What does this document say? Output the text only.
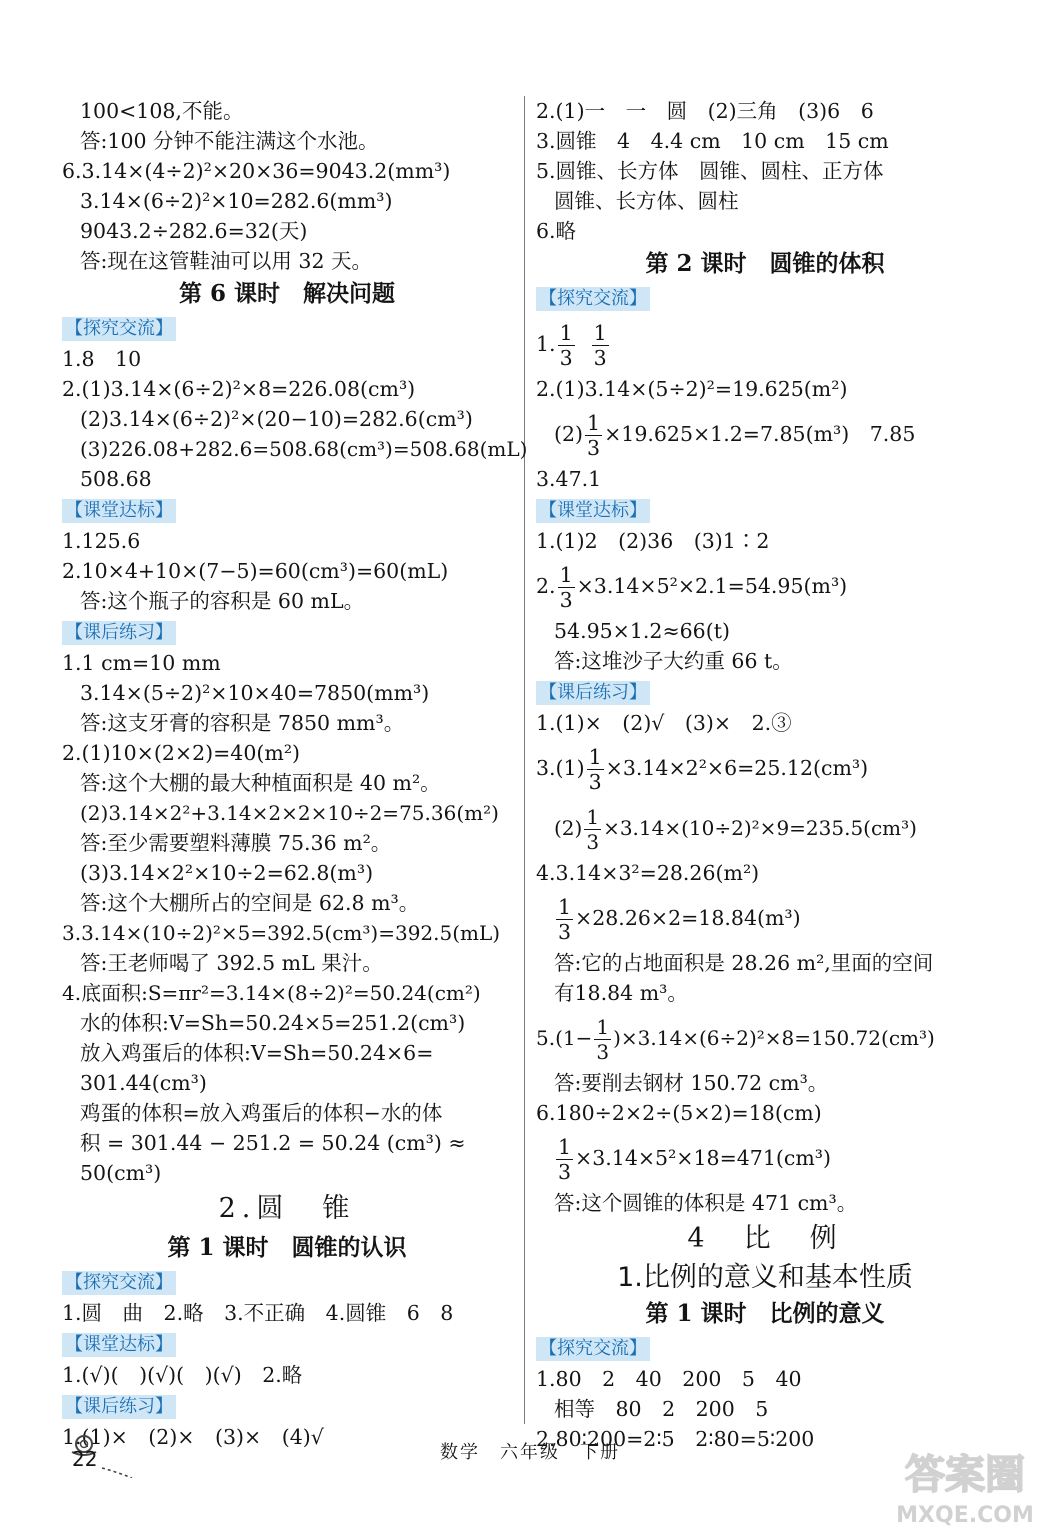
100<108,不能。
答:100 分钟不能注满这个水池。
6.3.14×(4÷2)²×20×36=9043.2(mm³)
3.14×(6÷2)²×10=282.6(mm³)
9043.2÷282.6=32(天)
答:现在这管鞋油可以用 32 天。
第 6 课时　解决问题
【探究交流】
1.8　10
2.(1)3.14×(6÷2)²×8=226.08(cm³)
(2)3.14×(6÷2)²×(20−10)=282.6(cm³)
(3)226.08+282.6=508.68(cm³)=508.68(mL)
508.68
【课堂达标】
1.125.6
2.10×4+10×(7−5)=60(cm³)=60(mL)
答:这个瓶子的容积是 60 mL。
【课后练习】
1.1 cm=10 mm
3.14×(5÷2)²×10×40=7850(mm³)
答:这支牙膏的容积是 7850 mm³。
2.(1)10×(2×2)=40(m²)
答:这个大棚的最大种植面积是 40 m²。
(2)3.14×2²+3.14×2×2×10÷2=75.36(m²)
答:至少需要塑料薄膜 75.36 m²。
(3)3.14×2²×10÷2=62.8(m³)
答:这个大棚所占的空间是 62.8 m³。
3.3.14×(10÷2)²×5=392.5(cm³)=392.5(mL)
答:王老师喝了 392.5 mL 果汁。
4.底面积:S=πr²=3.14×(8÷2)²=50.24(cm²)
水的体积:V=Sh=50.24×5=251.2(cm³)
放入鸡蛋后的体积:V=Sh=50.24×6=
301.44(cm³)
鸡蛋的体积=放入鸡蛋后的体积−水的体
积 = 301.44 − 251.2 = 50.24 (cm³) ≈
50(cm³)
2.圆　锥
第 1 课时　圆锥的认识
【探究交流】
1.圆　曲　2.略　3.不正确　4.圆锥　6　8
【课堂达标】
1.(√)(　)(√)(　)(√)　2.略
【课后练习】
1.(1)×　(2)×　(3)×　(4)√
2.(1)一　一　圆　(2)三角　(3)6　6
3.圆锥　4　4.4 cm　10 cm　15 cm
5.圆锥、长方体　圆锥、圆柱、正方体
圆锥、长方体、圆柱
6.略
第 2 课时　圆锥的体积
【探究交流】
1. $\frac{1}{3}$
$\frac{1}{3}$
2.(1)3.14×(5÷2)²=19.625(m²)
$(2) \frac{1}{3} \times 19.625\times 1.2=7.85(m^3)$　7.85
3.47.1
【课堂达标】
1.(1)2　(2)36　(3)1∶2
2. $\frac{1}{3} \times 3.14\times 5^2\times 2.1=54.95(m^3)$
54.95×1.2≈66(t)
答:这堆沙子大约重 66 t。
【课后练习】
1.(1)×　(2)√　(3)×　2.③
$3.(1) \frac{1}{3} \times 3.14\times 2^2\times 6=25.12(cm^3)$
$(2) \frac{1}{3} \times 3.14\times(10\div 2)^2\times 9=235.5(cm^3)$
4.3.14×3²=28.26(m²)
$\frac{1}{3} \times 28.26\times 2=18.84(m^3)$
答:它的占地面积是 28.26 m²,里面的空间
有18.84 m³。
$5.(1- \frac{1}{3} )\times 3.14\times(6\div 2)^2\times 8=150.72(cm^3)$
答:要削去钢材 150.72 cm³。
6.180÷2×2÷(5×2)=18(cm)
$\frac{1}{3} \times 3.14\times 5^2\times 18=471(cm^3)$
答:这个圆锥的体积是 471 cm³。
4　比　例
1.比例的意义和基本性质
第 1 课时　比例的意义
【探究交流】
1.80　2　40　200　5　40
相等　80　2　200　5
2.80∶200=2∶5　2∶80=5∶200
22	数学　六年级　下册	答案圈
MXQE.COM
